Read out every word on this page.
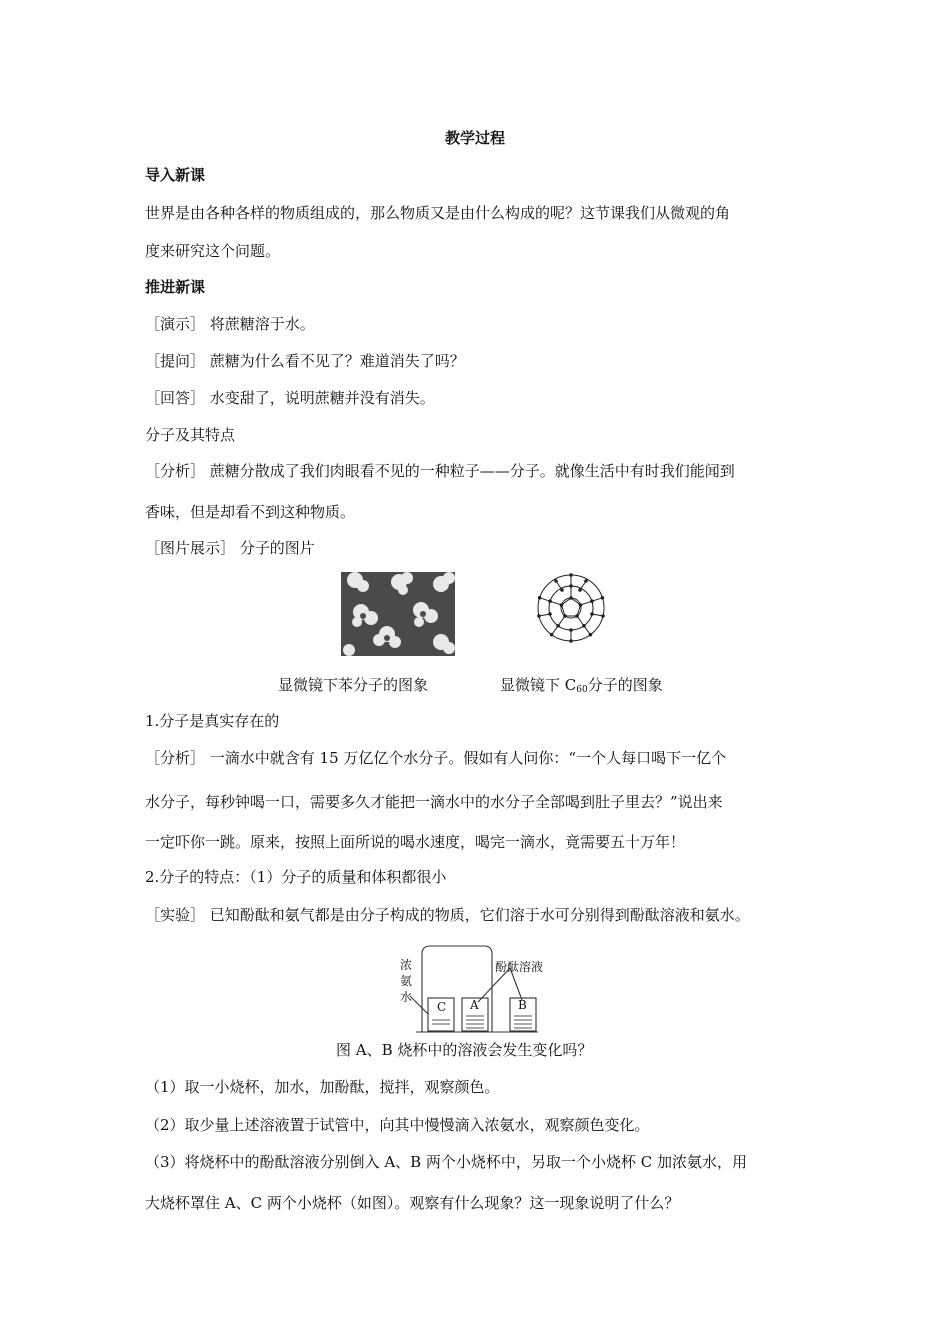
教学过程
导入新课
世界是由各种各样的物质组成的，那么物质又是由什么构成的呢？这节课我们从微观的角
度来研究这个问题。
推进新课
［演示］ 将蔗糖溶于水。
［提问］ 蔗糖为什么看不见了？难道消失了吗？
［回答］ 水变甜了，说明蔗糖并没有消失。
分子及其特点
［分析］ 蔗糖分散成了我们肉眼看不见的一种粒子——分子。就像生活中有时我们能闻到
香味，但是却看不到这种物质。
［图片展示］ 分子的图片
显微镜下苯分子的图象	显微镜下 $C_{60}$分子的图象
1.分子是真实存在的
［分析］ 一滴水中就含有 15 万亿亿个水分子。假如有人问你：“一个人每口喝下一亿个
水分子，每秒钟喝一口，需要多久才能把一滴水中的水分子全部喝到肚子里去？”说出来
一定吓你一跳。原来，按照上面所说的喝水速度，喝完一滴水，竟需要五十万年！
2.分子的特点：（1）分子的质量和体积都很小
［实验］ 已知酚酞和氨气都是由分子构成的物质，它们溶于水可分别得到酚酞溶液和氨水。
浓
氨
水
酚酞溶液
C A	B
图 A、B 烧杯中的溶液会发生变化吗？
（1）取一小烧杯，加水，加酚酞，搅拌，观察颜色。
（2）取少量上述溶液置于试管中，向其中慢慢滴入浓氨水，观察颜色变化。
（3）将烧杯中的酚酞溶液分别倒入 A、B 两个小烧杯中，另取一个小烧杯 C 加浓氨水，用
大烧杯罩住 A、C 两个小烧杯（如图）。观察有什么现象？这一现象说明了什么？
